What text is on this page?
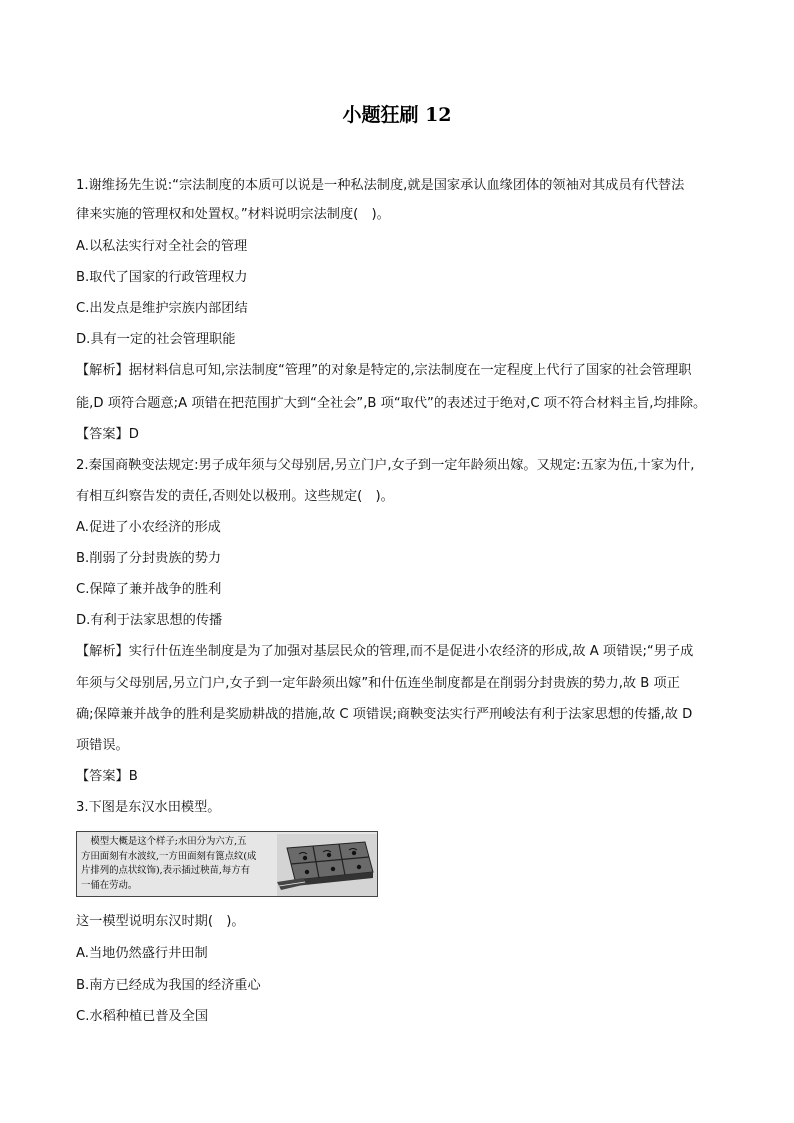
小题狂刷 12
1.谢维扬先生说:“宗法制度的本质可以说是一种私法制度,就是国家承认血缘团体的领袖对其成员有代替法
律来实施的管理权和处置权。”材料说明宗法制度(　)。
A.以私法实行对全社会的管理
B.取代了国家的行政管理权力
C.出发点是维护宗族内部团结
D.具有一定的社会管理职能
【解析】据材料信息可知,宗法制度“管理”的对象是特定的,宗法制度在一定程度上代行了国家的社会管理职
能,D 项符合题意;A 项错在把范围扩大到“全社会”,B 项“取代”的表述过于绝对,C 项不符合材料主旨,均排除。
【答案】D
2.秦国商鞅变法规定:男子成年须与父母别居,另立门户,女子到一定年龄须出嫁。又规定:五家为伍,十家为什,
有相互纠察告发的责任,否则处以极刑。这些规定(　)。
A.促进了小农经济的形成
B.削弱了分封贵族的势力
C.保障了兼并战争的胜利
D.有利于法家思想的传播
【解析】实行什伍连坐制度是为了加强对基层民众的管理,而不是促进小农经济的形成,故 A 项错误;“男子成
年须与父母别居,另立门户,女子到一定年龄须出嫁”和什伍连坐制度都是在削弱分封贵族的势力,故 B 项正
确;保障兼并战争的胜利是奖励耕战的措施,故 C 项错误;商鞅变法实行严刑峻法有利于法家思想的传播,故 D
项错误。
【答案】B
3.下图是东汉水田模型。
　模型大概是这个样子;水田分为六方,五
方田面刻有水波纹,一方田面刻有篦点纹(成
片排列的点状纹饰),表示插过秧苗,每方有
一俑在劳动。
这一模型说明东汉时期(　)。
A.当地仍然盛行井田制
B.南方已经成为我国的经济重心
C.水稻种植已普及全国
